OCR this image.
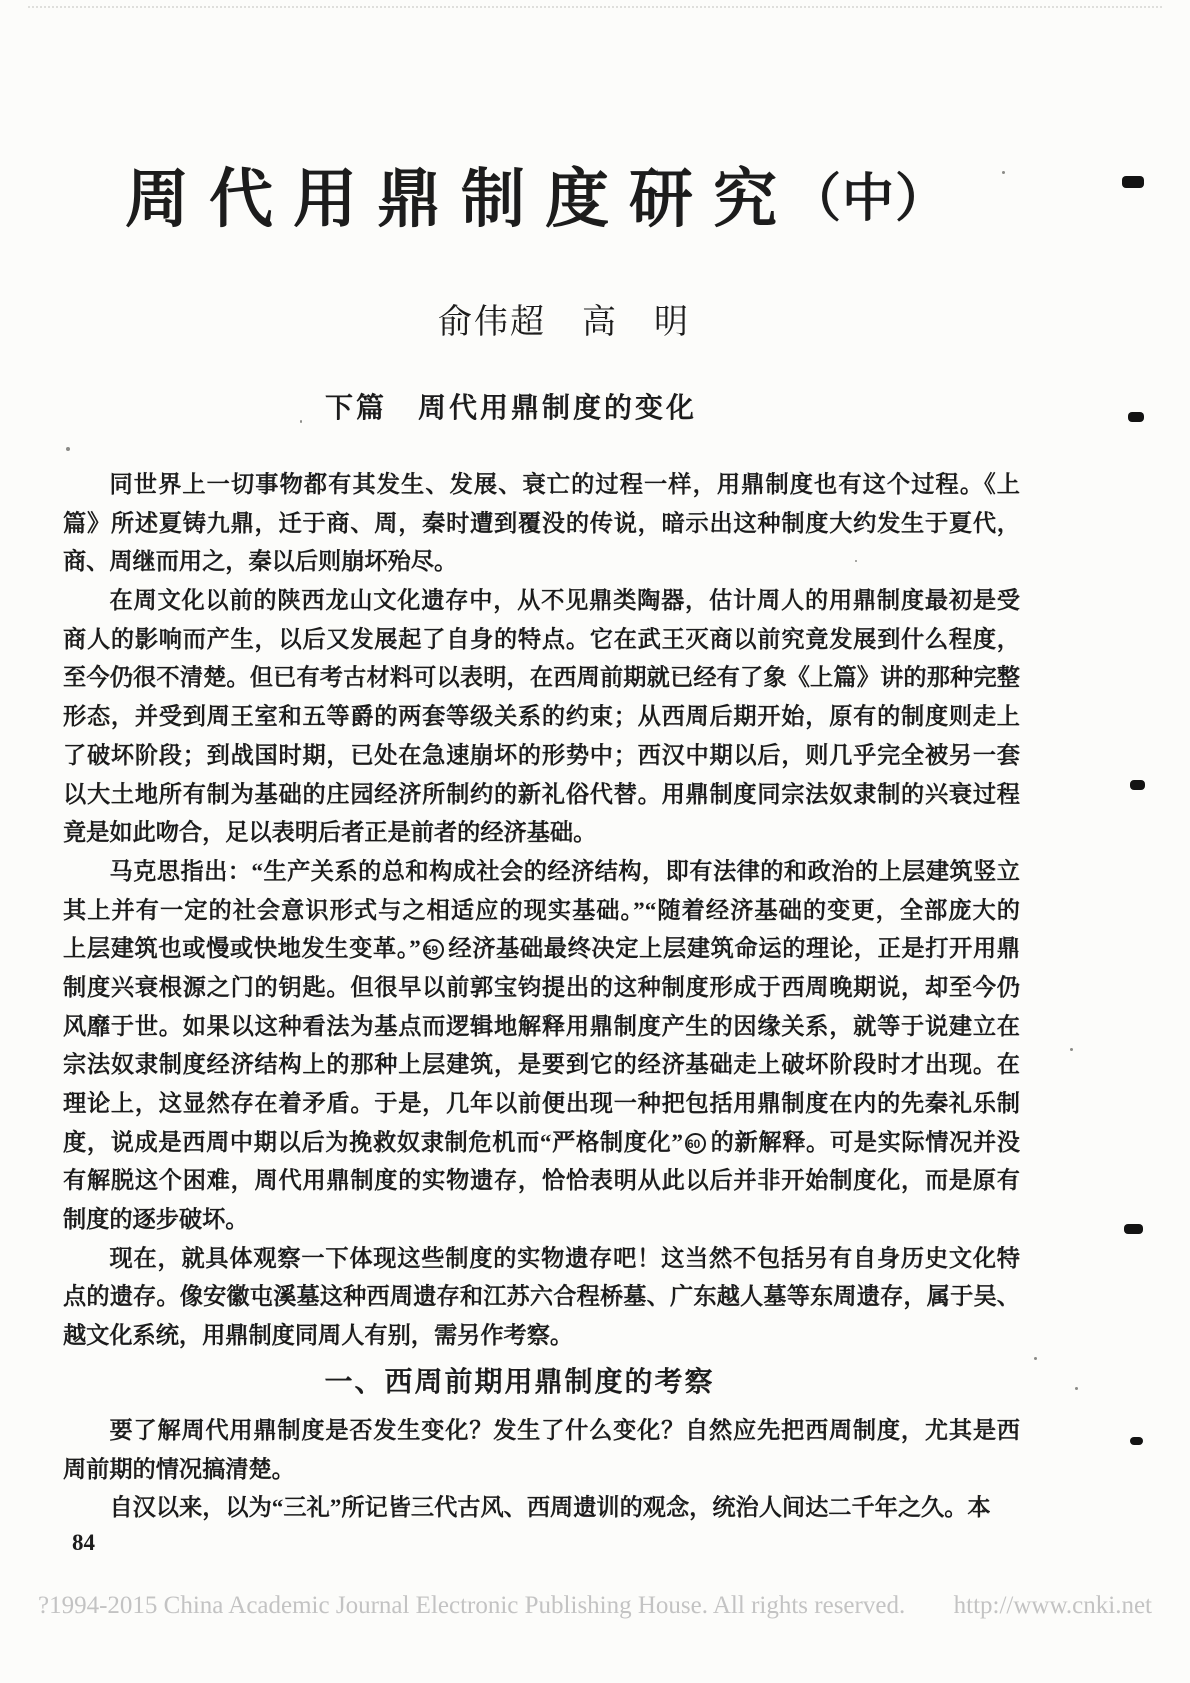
周代用鼎制度研究（中）
俞伟超　高　明
下篇　周代用鼎制度的变化
同世界上一切事物都有其发生、发展、衰亡的过程一样，用鼎制度也有这个过程。《上
篇》所述夏铸九鼎，迁于商、周，秦时遭到覆没的传说，暗示出这种制度大约发生于夏代，
商、周继而用之，秦以后则崩坏殆尽。
在周文化以前的陕西龙山文化遗存中，从不见鼎类陶器，估计周人的用鼎制度最初是受
商人的影响而产生，以后又发展起了自身的特点。它在武王灭商以前究竟发展到什么程度，
至今仍很不清楚。但已有考古材料可以表明，在西周前期就已经有了象《上篇》讲的那种完整
形态，并受到周王室和五等爵的两套等级关系的约束；从西周后期开始，原有的制度则走上
了破坏阶段；到战国时期，已处在急速崩坏的形势中；西汉中期以后，则几乎完全被另一套
以大土地所有制为基础的庄园经济所制约的新礼俗代替。用鼎制度同宗法奴隶制的兴衰过程
竟是如此吻合，足以表明后者正是前者的经济基础。
马克思指出：“生产关系的总和构成社会的经济结构，即有法律的和政治的上层建筑竖立
其上并有一定的社会意识形式与之相适应的现实基础。”“随着经济基础的变更，全部庞大的
上层建筑也或慢或快地发生变革。” 59 经济基础最终决定上层建筑命运的理论，正是打开用鼎
制度兴衰根源之门的钥匙。但很早以前郭宝钧提出的这种制度形成于西周晚期说，却至今仍
风靡于世。如果以这种看法为基点而逻辑地解释用鼎制度产生的因缘关系，就等于说建立在
宗法奴隶制度经济结构上的那种上层建筑，是要到它的经济基础走上破坏阶段时才出现。在
理论上，这显然存在着矛盾。于是，几年以前便出现一种把包括用鼎制度在内的先秦礼乐制
度，说成是西周中期以后为挽救奴隶制危机而“严格制度化” 60 的新解释。可是实际情况并没
有解脱这个困难，周代用鼎制度的实物遗存，恰恰表明从此以后并非开始制度化，而是原有
制度的逐步破坏。
现在，就具体观察一下体现这些制度的实物遗存吧！这当然不包括另有自身历史文化特
点的遗存。像安徽屯溪墓这种西周遗存和江苏六合程桥墓、广东越人墓等东周遗存，属于吴、
越文化系统，用鼎制度同周人有别，需另作考察。
一、西周前期用鼎制度的考察
要了解周代用鼎制度是否发生变化？发生了什么变化？自然应先把西周制度，尤其是西
周前期的情况搞清楚。
自汉以来，以为“三礼”所记皆三代古风、西周遗训的观念，统治人间达二千年之久。本
84
?1994-2015 China Academic Journal Electronic Publishing House. All rights reserved. http://www.cnki.net
